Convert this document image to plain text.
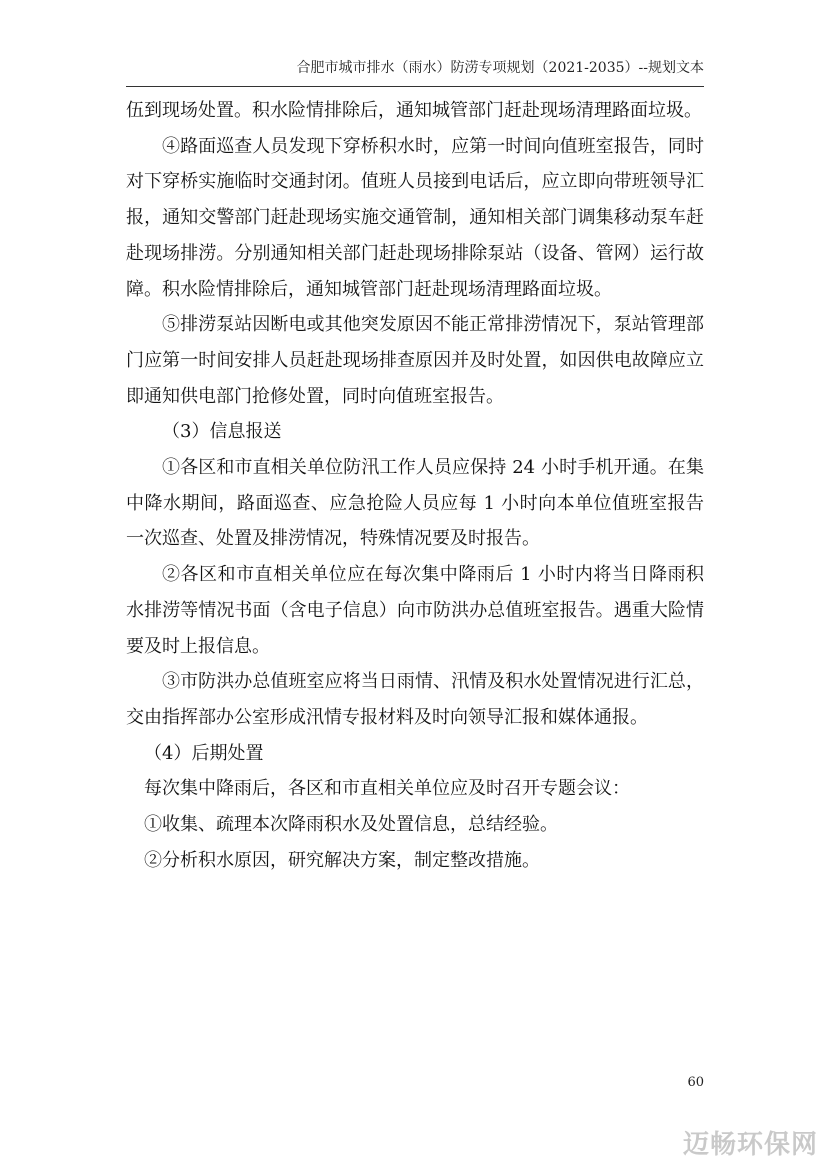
合肥市城市排水（雨水）防涝专项规划（2021-2035）--规划文本

伍到现场处置。积水险情排除后，通知城管部门赶赴现场清理路面垃圾。

④路面巡查人员发现下穿桥积水时，应第一时间向值班室报告，同时对下穿桥实施临时交通封闭。值班人员接到电话后，应立即向带班领导汇报，通知交警部门赶赴现场实施交通管制，通知相关部门调集移动泵车赶赴现场排涝。分别通知相关部门赶赴现场排除泵站（设备、管网）运行故障。积水险情排除后，通知城管部门赶赴现场清理路面垃圾。

⑤排涝泵站因断电或其他突发原因不能正常排涝情况下，泵站管理部门应第一时间安排人员赶赴现场排查原因并及时处置，如因供电故障应立即通知供电部门抢修处置，同时向值班室报告。

（3）信息报送

①各区和市直相关单位防汛工作人员应保持 24 小时手机开通。在集中降水期间，路面巡查、应急抢险人员应每 1 小时向本单位值班室报告一次巡查、处置及排涝情况，特殊情况要及时报告。

②各区和市直相关单位应在每次集中降雨后 1 小时内将当日降雨积水排涝等情况书面（含电子信息）向市防洪办总值班室报告。遇重大险情要及时上报信息。

③市防洪办总值班室应将当日雨情、汛情及积水处置情况进行汇总，交由指挥部办公室形成汛情专报材料及时向领导汇报和媒体通报。

（4）后期处置

每次集中降雨后，各区和市直相关单位应及时召开专题会议：

①收集、疏理本次降雨积水及处置信息，总结经验。

②分析积水原因，研究解决方案，制定整改措施。

60
迈畅环保网
